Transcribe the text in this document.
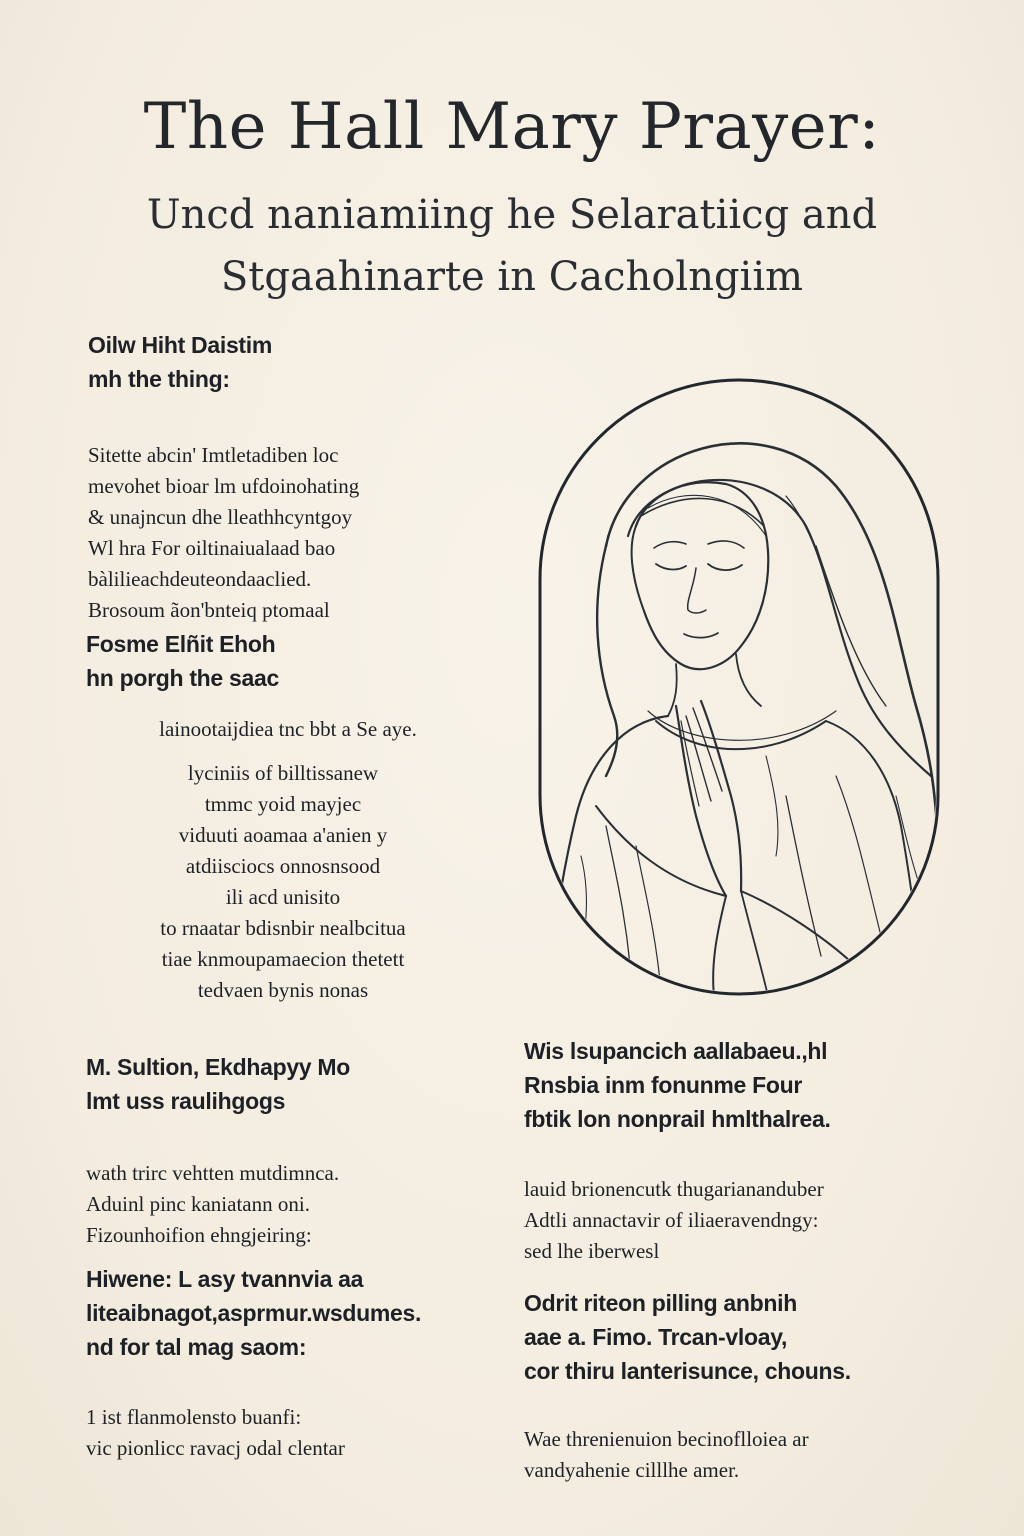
The Hall Mary Prayer:
Uncd naniamiing he Selaratiicg and
Stgaahinarte in Cacholngiim
Oilw Hiht Daistim
mh the thing:
Sitette abcin' Imtletadiben loc
mevohet bioar lm ufdoinohating
& unajncun dhe lleathhcyntgoy
Wl hra For oiltinaiualaad bao
bàlilieachdeuteondaaclied.
Brosoum ãon'bnteiq ptomaal
Fosme Elñit Ehoh
hn porgh the saac
lainootaijdiea tnc bbt a Se aye.
lyciniis of billtissanew
tmmc yoid mayjec
viduuti aoamaa a'anien y
atdiisciocs onnosnsood
ili acd unisito
to rnaatar bdisnbir nealbcitua
tiae knmoupamaecion thetett
tedvaen bynis nonas
M. Sultion, Ekdhapyy Mo
lmt uss raulihgogs
wath trirc vehtten mutdimnca.
Aduinl pinc kaniatann oni.
Fizounhoifion ehngjeiring:
Hiwene: L asy tvannvia aa
liteaibnagot,asprmur.wsdumes.
nd for tal mag saom:
1 ist flanmolensto buanfi:
vic pionlicc ravacj odal clentar
Wis lsupancich aallabaeu.,hl
Rnsbia inm fonunme Four
fbtik lon nonprail hmlthalrea.
lauid brionencutk thugariananduber
Adtli annactavir of iliaeravendngy:
sed lhe iberwesl
Odrit riteon pilling anbnih
aae a. Fimo. Trcan-vloay,
cor thiru lanterisunce, chouns.
Wae threnienuion becinoflloiea ar
vandyahenie cilllhe amer.
